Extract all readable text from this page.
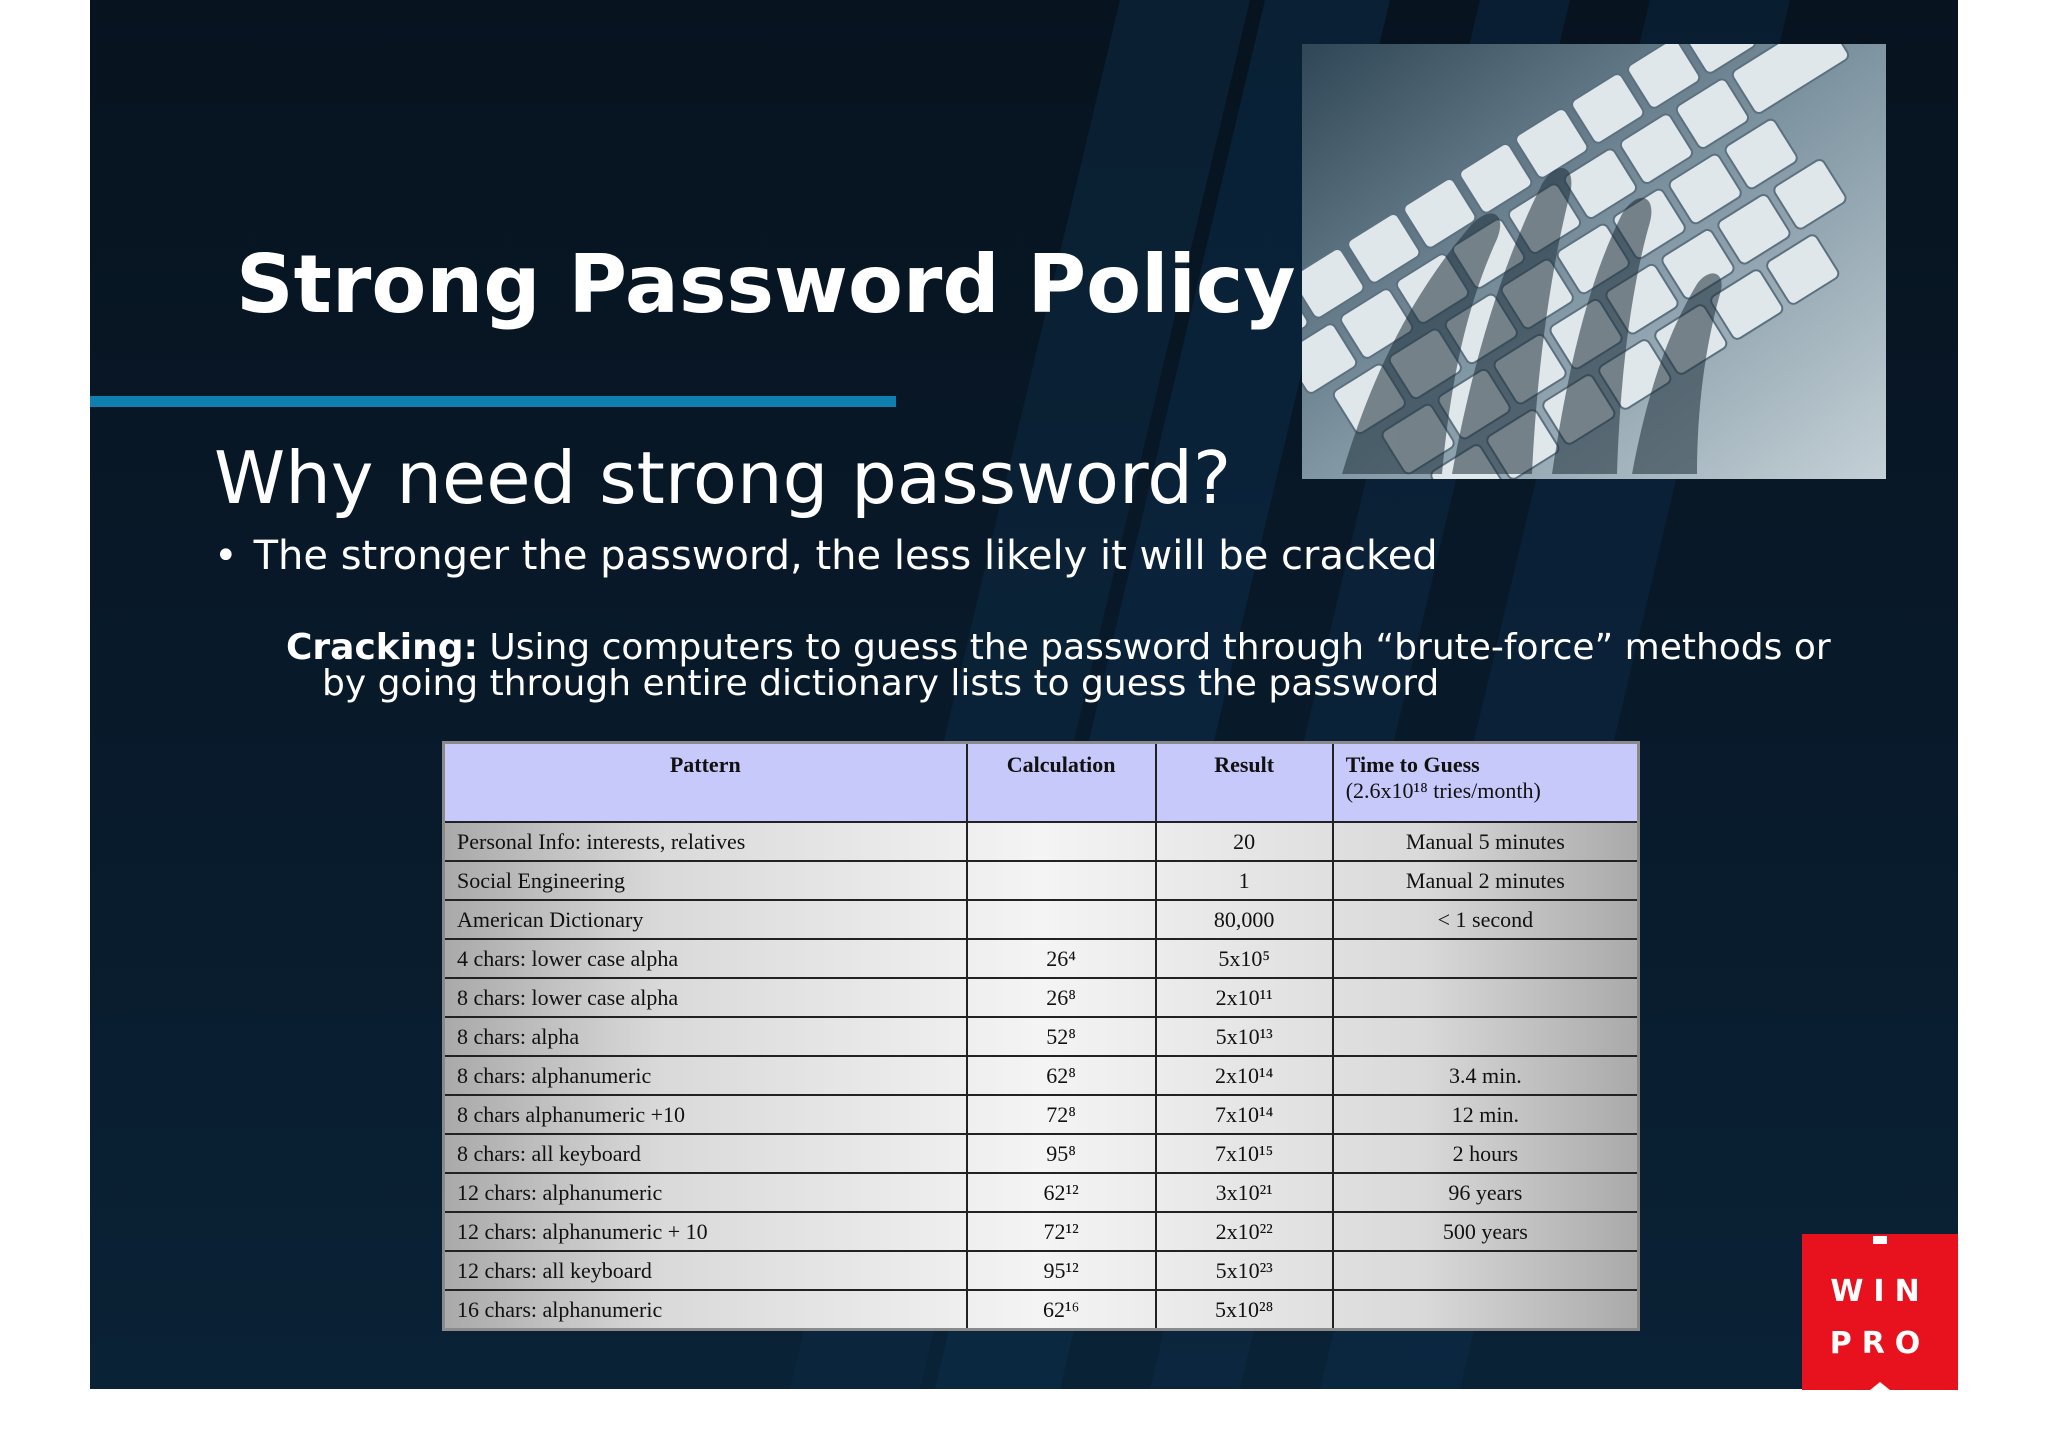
Strong Password Policy
Why need strong password?
• The stronger the password, the less likely it will be cracked
Cracking: Using computers to guess the password through “brute-force” methods or
by going through entire dictionary lists to guess the password
Pattern	Calculation	Result	Time to Guess
(2.6x10¹⁸ tries/month)

Personal Info: interests, relatives		20	Manual 5 minutes
Social Engineering		1	Manual 2 minutes
American Dictionary		80,000	< 1 second
4 chars: lower case alpha	26⁴	5x10⁵	
8 chars: lower case alpha	26⁸	2x10¹¹	
8 chars: alpha	52⁸	5x10¹³	
8 chars: alphanumeric	62⁸	2x10¹⁴	3.4 min.
8 chars alphanumeric +10	72⁸	7x10¹⁴	12 min.
8 chars: all keyboard	95⁸	7x10¹⁵	2 hours
12 chars: alphanumeric	62¹²	3x10²¹	96 years
12 chars: alphanumeric + 10	72¹²	2x10²²	500 years
12 chars: all keyboard	95¹²	5x10²³	
16 chars: alphanumeric	62¹⁶	5x10²⁸		WIN
PRO
